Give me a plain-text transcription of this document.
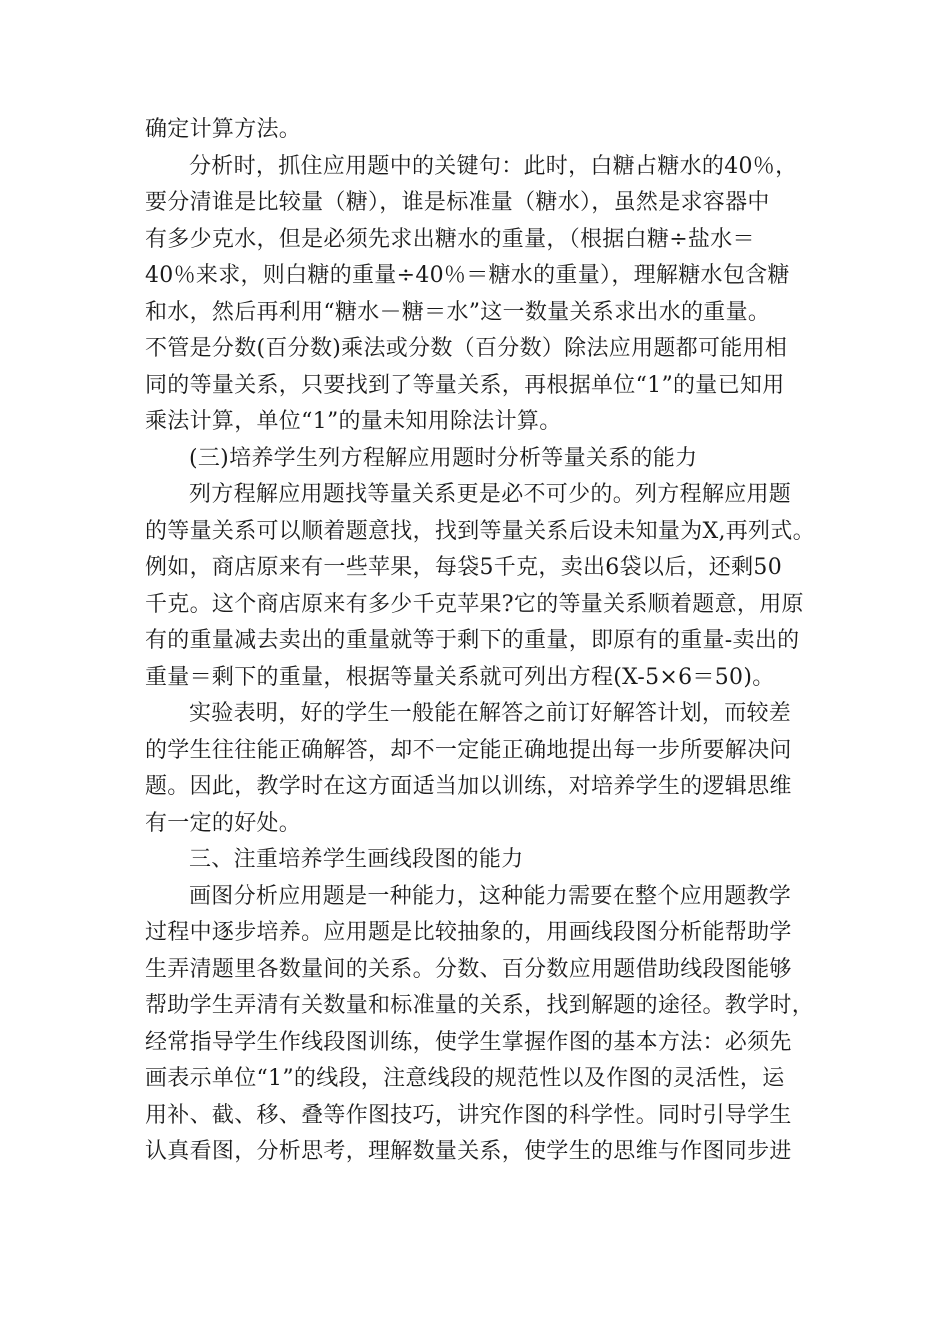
确定计算方法。
分析时，抓住应用题中的关键句：此时，白糖占糖水的40％，
要分清谁是比较量（糖），谁是标准量（糖水），虽然是求容器中
有多少克水，但是必须先求出糖水的重量，（根据白糖÷盐水＝
40％来求，则白糖的重量÷40％＝糖水的重量），理解糖水包含糖
和水，然后再利用“糖水－糖＝水”这一数量关系求出水的重量。
不管是分数(百分数)乘法或分数（百分数）除法应用题都可能用相
同的等量关系，只要找到了等量关系，再根据单位“1”的量已知用
乘法计算，单位“1”的量未知用除法计算。
(三)培养学生列方程解应用题时分析等量关系的能力
列方程解应用题找等量关系更是必不可少的。列方程解应用题
的等量关系可以顺着题意找，找到等量关系后设未知量为X,再列式。
例如，商店原来有一些苹果，每袋5千克，卖出6袋以后，还剩50
千克。这个商店原来有多少千克苹果?它的等量关系顺着题意，用原
有的重量减去卖出的重量就等于剩下的重量，即原有的重量-卖出的
重量＝剩下的重量，根据等量关系就可列出方程(X-5×6＝50)。
实验表明，好的学生一般能在解答之前订好解答计划，而较差
的学生往往能正确解答，却不一定能正确地提出每一步所要解决问
题。因此，教学时在这方面适当加以训练，对培养学生的逻辑思维
有一定的好处。
三、注重培养学生画线段图的能力
画图分析应用题是一种能力，这种能力需要在整个应用题教学
过程中逐步培养。应用题是比较抽象的，用画线段图分析能帮助学
生弄清题里各数量间的关系。分数、百分数应用题借助线段图能够
帮助学生弄清有关数量和标准量的关系，找到解题的途径。教学时，
经常指导学生作线段图训练，使学生掌握作图的基本方法：必须先
画表示单位“1”的线段，注意线段的规范性以及作图的灵活性，运
用补、截、移、叠等作图技巧，讲究作图的科学性。同时引导学生
认真看图，分析思考，理解数量关系，使学生的思维与作图同步进
